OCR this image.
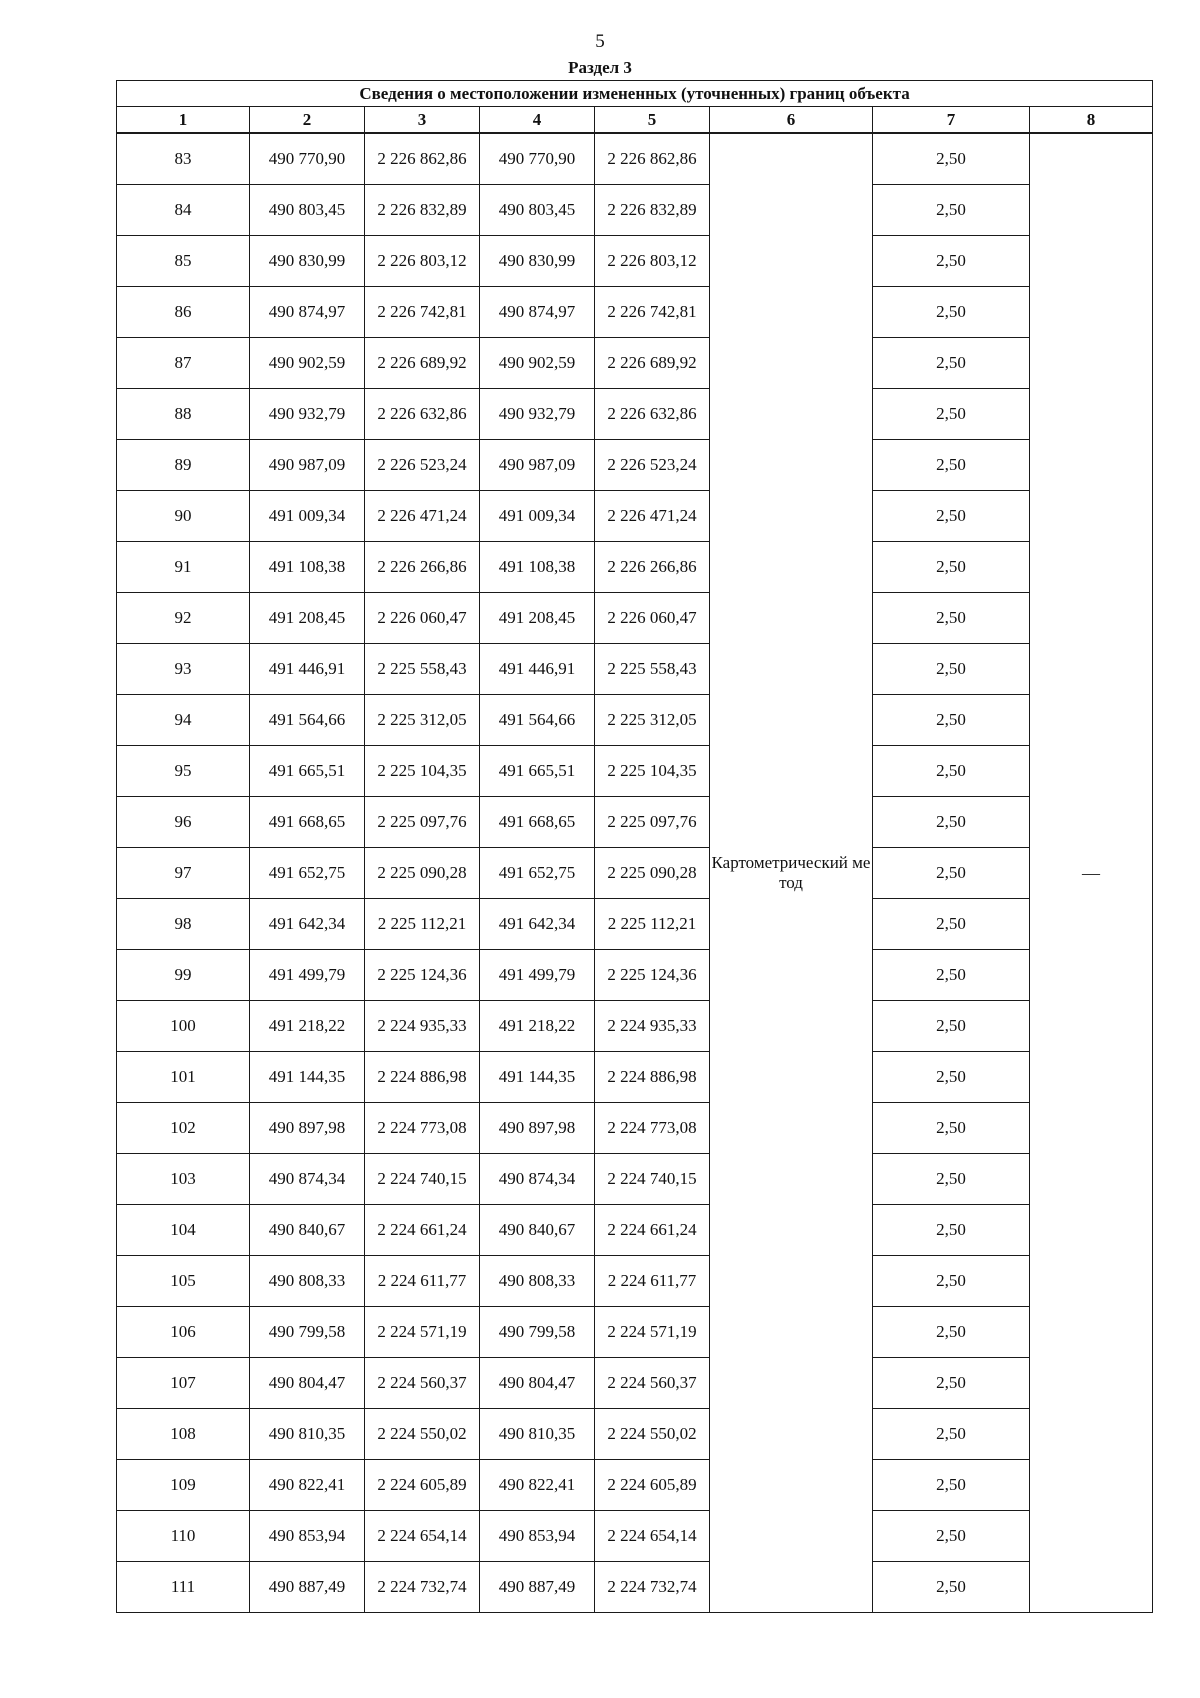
5
Раздел 3
Сведения о местоположении измененных (уточненных) границ объекта							
1	2	3	4	5	6	7	8
83	490 770,90	2 226 862,86	490 770,90	2 226 862,86	Картометрический метод	2,50	—
84	490 803,45	2 226 832,89	490 803,45	2 226 832,89		2,50	
85	490 830,99	2 226 803,12	490 830,99	2 226 803,12		2,50	
86	490 874,97	2 226 742,81	490 874,97	2 226 742,81		2,50	
87	490 902,59	2 226 689,92	490 902,59	2 226 689,92		2,50	
88	490 932,79	2 226 632,86	490 932,79	2 226 632,86		2,50	
89	490 987,09	2 226 523,24	490 987,09	2 226 523,24		2,50	
90	491 009,34	2 226 471,24	491 009,34	2 226 471,24		2,50	
91	491 108,38	2 226 266,86	491 108,38	2 226 266,86		2,50	
92	491 208,45	2 226 060,47	491 208,45	2 226 060,47		2,50	
93	491 446,91	2 225 558,43	491 446,91	2 225 558,43		2,50	
94	491 564,66	2 225 312,05	491 564,66	2 225 312,05		2,50	
95	491 665,51	2 225 104,35	491 665,51	2 225 104,35		2,50	
96	491 668,65	2 225 097,76	491 668,65	2 225 097,76		2,50	
97	491 652,75	2 225 090,28	491 652,75	2 225 090,28		2,50	
98	491 642,34	2 225 112,21	491 642,34	2 225 112,21		2,50	
99	491 499,79	2 225 124,36	491 499,79	2 225 124,36		2,50	
100	491 218,22	2 224 935,33	491 218,22	2 224 935,33		2,50	
101	491 144,35	2 224 886,98	491 144,35	2 224 886,98		2,50	
102	490 897,98	2 224 773,08	490 897,98	2 224 773,08		2,50	
103	490 874,34	2 224 740,15	490 874,34	2 224 740,15		2,50	
104	490 840,67	2 224 661,24	490 840,67	2 224 661,24		2,50	
105	490 808,33	2 224 611,77	490 808,33	2 224 611,77		2,50	
106	490 799,58	2 224 571,19	490 799,58	2 224 571,19		2,50	
107	490 804,47	2 224 560,37	490 804,47	2 224 560,37		2,50	
108	490 810,35	2 224 550,02	490 810,35	2 224 550,02		2,50	
109	490 822,41	2 224 605,89	490 822,41	2 224 605,89		2,50	
110	490 853,94	2 224 654,14	490 853,94	2 224 654,14		2,50	
111	490 887,49	2 224 732,74	490 887,49	2 224 732,74		2,50	
